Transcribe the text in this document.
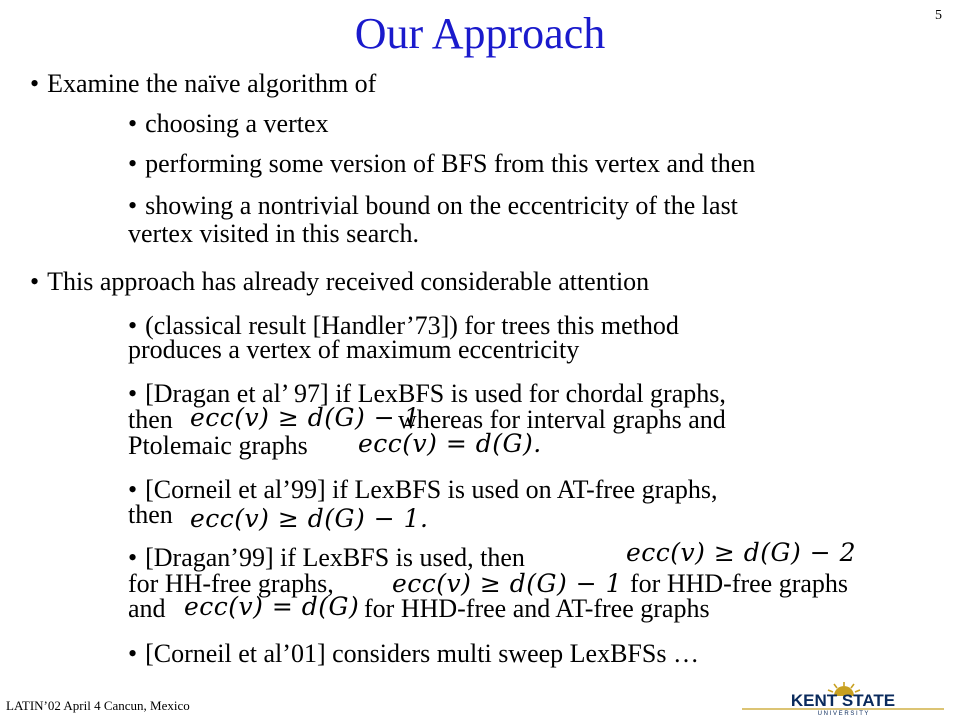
Our Approach	5
• Examine the naïve algorithm of
• choosing a vertex
• performing some version of BFS from this vertex and then
• showing a nontrivial bound on the eccentricity of the last
vertex visited in this search.
• This approach has already received considerable attention
• (classical result [Handler’73]) for trees this method
produces a vertex of maximum eccentricity
• [Dragan et al’ 97] if LexBFS is used for chordal graphs,
then ecc(v) ≥ d(G) − 1
whereas for interval graphs and
Ptolemaic graphs ecc(v) = d(G).
• [Corneil et al’99] if LexBFS is used on AT-free graphs,
then ecc(v) ≥ d(G) − 1.
• [Dragan’99] if LexBFS is used, then	ecc(v) ≥ d(G) − 2
for HH-free graphs, ecc(v) ≥ d(G) − 1 for HHD-free graphs
and ecc(v) = d(G) for HHD-free and AT-free graphs
• [Corneil et al’01] considers multi sweep LexBFSs …
LATIN’02 April 4 Cancun, Mexico	KENT STATE
U N I V E R S I T Y
